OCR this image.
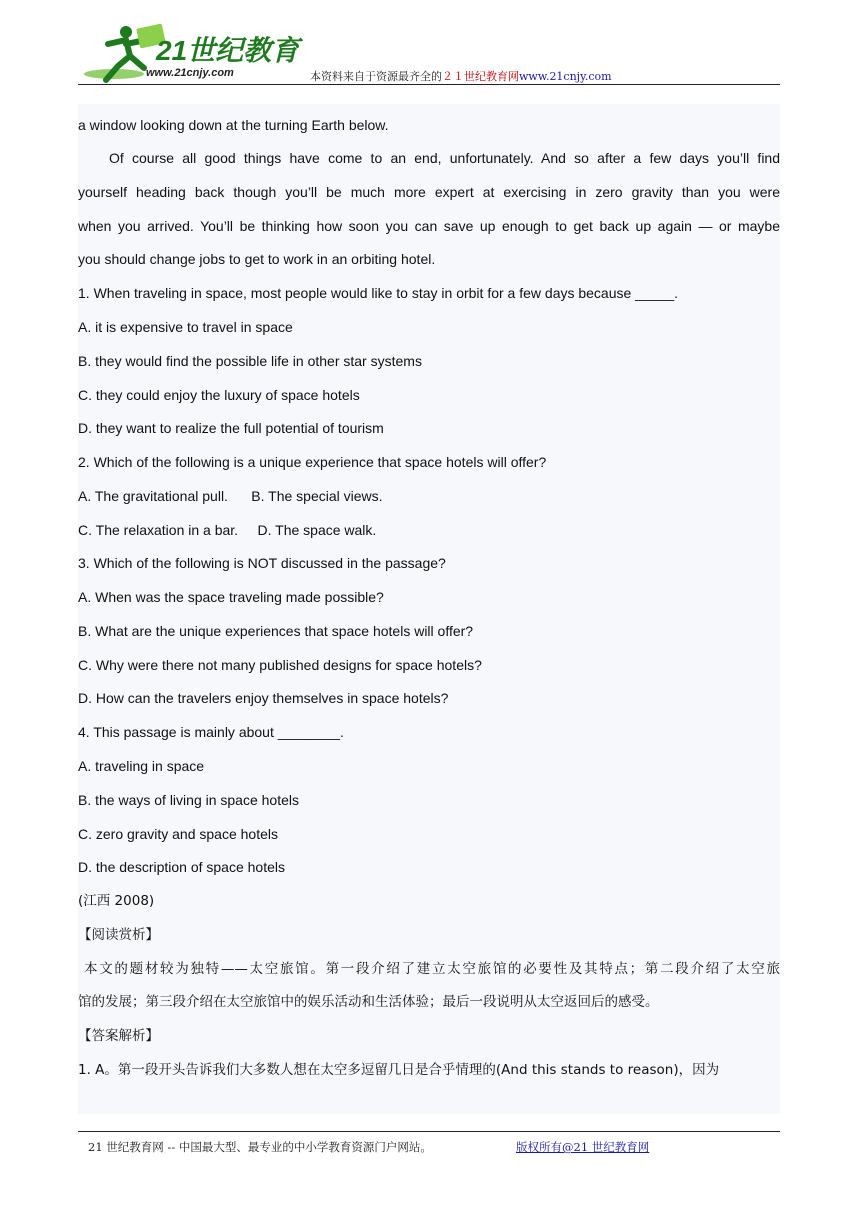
21世纪教育
www.21cnjy.com	本资料来自于资源最齐全的２１世纪教育网www.21cnjy.com
a window looking down at the turning Earth below.
Of course all good things have come to an end, unfortunately. And so after a few days you’ll find
yourself heading back though you’ll be much more expert at exercising in zero gravity than you were
when you arrived. You’ll be thinking how soon you can save up enough to get back up again — or maybe
you should change jobs to get to work in an orbiting hotel.
1. When traveling in space, most people would like to stay in orbit for a few days because _____.
A. it is expensive to travel in space
B. they would find the possible life in other star systems
C. they could enjoy the luxury of space hotels
D. they want to realize the full potential of tourism
2. Which of the following is a unique experience that space hotels will offer?
A. The gravitational pull.      B. The special views.
C. The relaxation in a bar.     D. The space walk.
3. Which of the following is NOT discussed in the passage?
A. When was the space traveling made possible?
B. What are the unique experiences that space hotels will offer?
C. Why were there not many published designs for space hotels?
D. How can the travelers enjoy themselves in space hotels?
4. This passage is mainly about ________.
A. traveling in space
B. the ways of living in space hotels
C. zero gravity and space hotels
D. the description of space hotels
(江西 2008)
【阅读赏析】
本文的题材较为独特——太空旅馆。第一段介绍了建立太空旅馆的必要性及其特点；第二段介绍了太空旅
馆的发展；第三段介绍在太空旅馆中的娱乐活动和生活体验；最后一段说明从太空返回后的感受。
【答案解析】
1. A。第一段开头告诉我们大多数人想在太空多逗留几日是合乎情理的(And this stands to reason)，因为
21 世纪教育网 -- 中国最大型、最专业的中小学教育资源门户网站。	版权所有@21 世纪教育网
